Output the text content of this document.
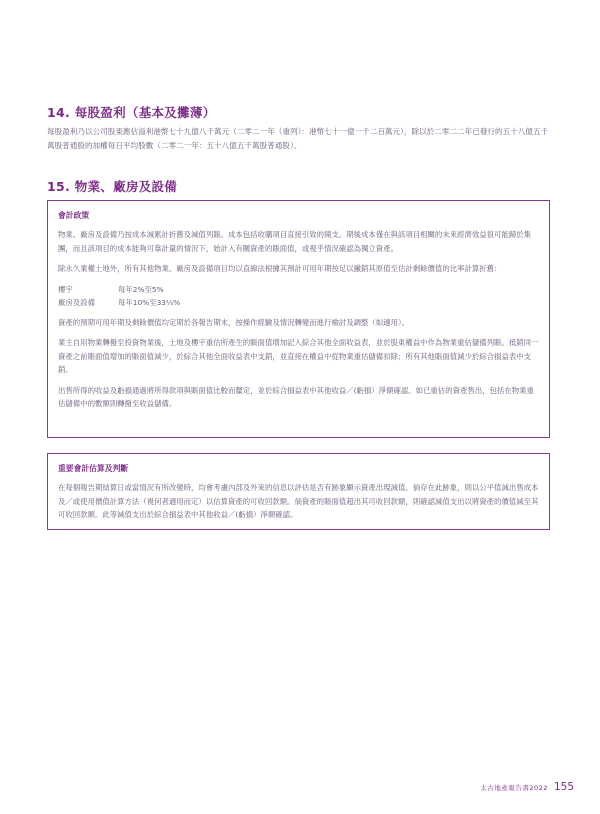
14. 每股盈利（基本及攤薄）

每股盈利乃以公司股東應佔溢利港幣七十九億八千萬元（二零二一年（重列）：港幣七十一億一千二百萬元），除以於二零二二年已發行的五十八億五千萬股普通股的加權每日平均股數（二零二一年：五十八億五千萬股普通股）。

15. 物業、廠房及設備
會計政策

物業、廠房及設備乃按成本減累計折舊及減值列賬。成本包括收購項目直接引致的開支。期後成本僅在與該項目相關的未來經濟效益很可能歸於集團，而且該項目的成本能夠可靠計量的情況下，始計入有關資產的賬面值，或視乎情況確認為獨立資產。

除永久業權土地外，所有其他物業、廠房及設備項目均以直線法根據其預計可用年期按足以撇銷其原值至估計剩餘價值的比率計算折舊：

樓宇	每年2%至5%
廠房及設備	每年10%至33⅓%

資產的預期可用年期及剩餘價值均定期於各報告期末，按操作經驗及情況轉變而進行檢討及調整（如適用）。

業主自用物業轉撥至投資物業後，土地及樓宇重估所產生的賬面值增加記入綜合其他全面收益表，並於股東權益中作為物業重估儲備列賬。抵銷同一資產之前賬面值增加的賬面值減少，於綜合其他全面收益表中支銷，並直接在權益中從物業重估儲備扣除；所有其他賬面值減少於綜合損益表中支銷。

出售所得的收益及虧損通過將所得款項與賬面值比較而釐定，並於綜合損益表中其他收益／(虧損）淨額確認。如已重估的資產售出，包括在物業重估儲備中的數額則轉撥至收益儲備。

重要會計估算及判斷

在每個報告期結算日或當情況有所改變時，均會考慮內部及外來的信息以評估是否有跡象顯示資產出現減值。倘存在此跡象，則以公平值減出售成本及／或使用價值計算方法（視何者適用而定）以估算資產的可收回款額。倘資產的賬面值超出其可收回款額，則確認減值支出以將資產的價值減至其可收回款額。此等減值支出於綜合損益表中其他收益／(虧損）淨額確認。

太古地產報告書2022 155
